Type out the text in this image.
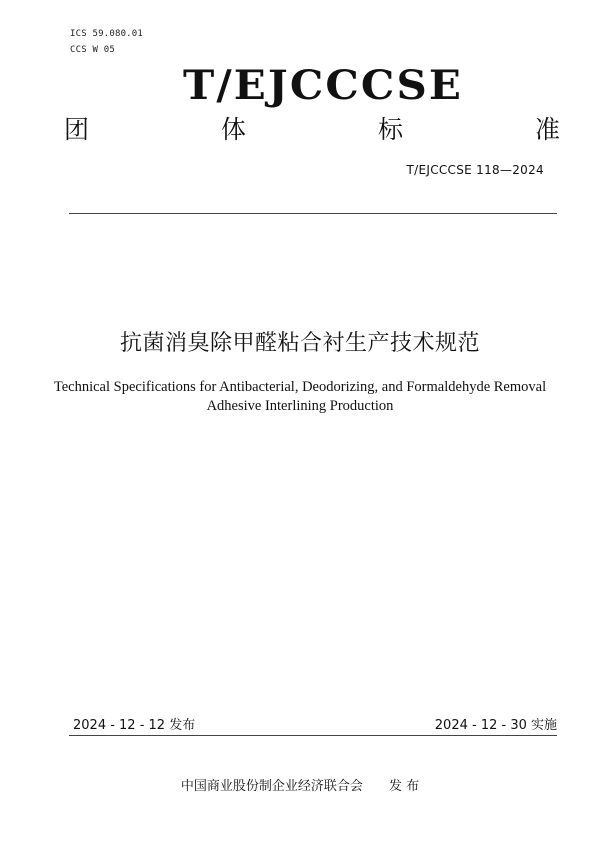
ICS 59.080.01
CCS W 05
T/EJCCCSE
团	体	标	准
T/EJCCCSE 118—2024
抗菌消臭除甲醛粘合衬生产技术规范
Technical Specifications for Antibacterial, Deodorizing, and Formaldehyde Removal
Adhesive Interlining Production
2024 - 12 - 12 发布	2024 - 12 - 30 实施
中国商业股份制企业经济联合会 发 布
